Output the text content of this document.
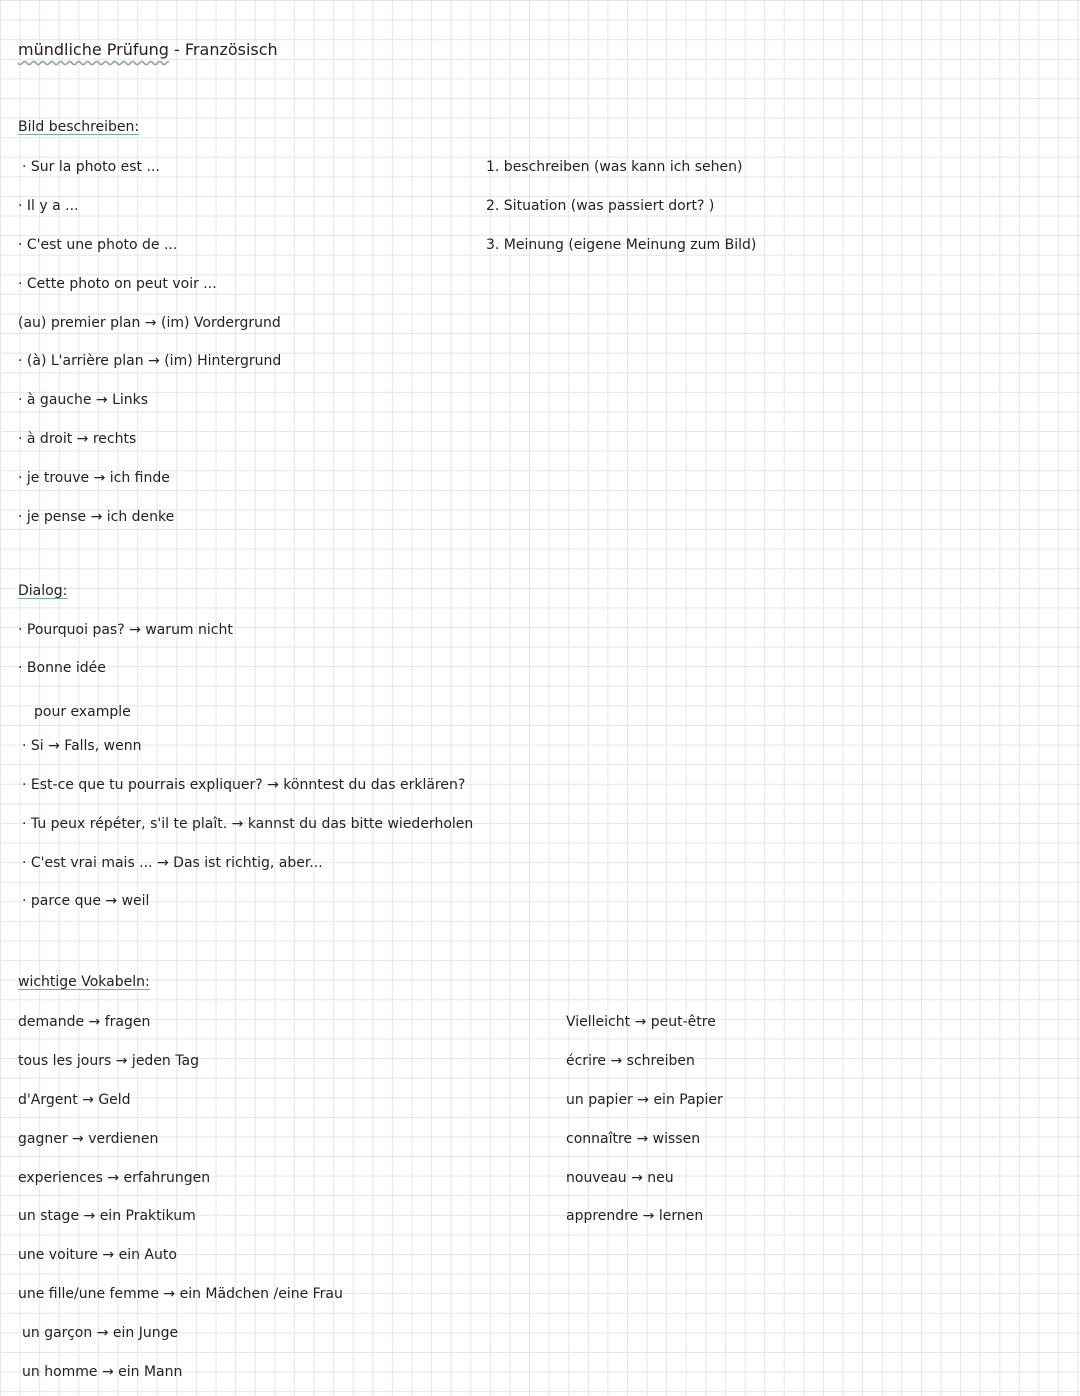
mündliche Prüfung - Französisch
Bild beschreiben:
· Sur la photo est ...
· Il y a ...
· C'est une photo de ...
· Cette photo on peut voir ...
(au) premier plan → (im) Vordergrund
· (à) L'arrière plan → (im) Hintergrund
· à gauche → Links
· à droit → rechts
· je trouve → ich finde
· je pense → ich denke
1. beschreiben (was kann ich sehen)
2. Situation (was passiert dort? )
3. Meinung (eigene Meinung zum Bild)
Dialog:
· Pourquoi pas? → warum nicht
· Bonne idée
pour example
· Si → Falls, wenn
· Est-ce que tu pourrais expliquer? → könntest du das erklären?
· Tu peux répéter, s'il te plaît. → kannst du das bitte wiederholen
· C'est vrai mais ... → Das ist richtig, aber...
· parce que → weil
wichtige Vokabeln:
demande → fragen
tous les jours → jeden Tag
d'Argent → Geld
gagner → verdienen
experiences → erfahrungen
un stage → ein Praktikum
une voiture → ein Auto
une fille/une femme → ein Mädchen /eine Frau
un garçon → ein Junge
un homme → ein Mann
Vielleicht → peut-être
écrire → schreiben
un papier → ein Papier
connaître → wissen
nouveau → neu
apprendre → lernen
